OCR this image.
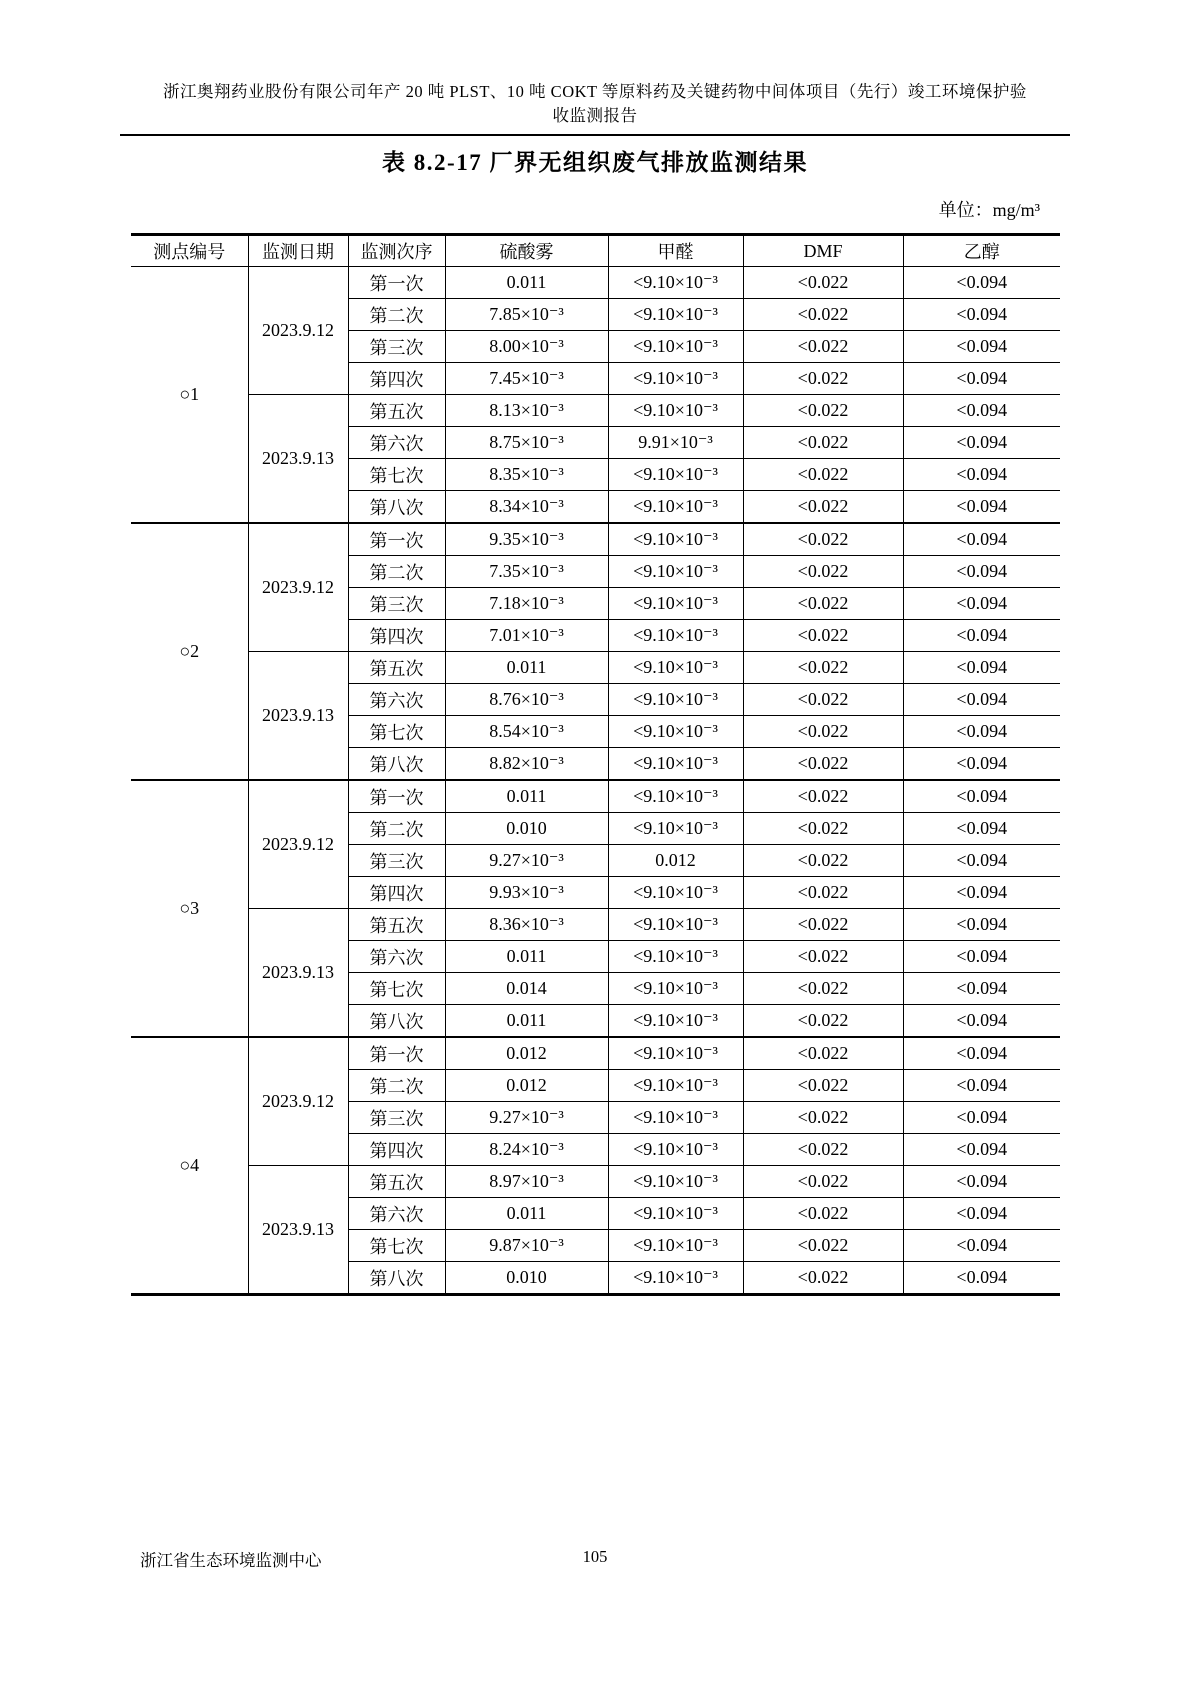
浙江奥翔药业股份有限公司年产 20 吨 PLST、10 吨 COKT 等原料药及关键药物中间体项目（先行）竣工环境保护验
收监测报告
表 8.2-17 厂界无组织废气排放监测结果
单位：mg/m³
测点编号	监测日期	监测次序	硫酸雾	甲醛	DMF	乙醇
○1	2023.9.12	第一次	0.011	<9.10×10⁻³	<0.022	<0.094
		第二次	7.85×10⁻³	<9.10×10⁻³	<0.022	<0.094
		第三次	8.00×10⁻³	<9.10×10⁻³	<0.022	<0.094
		第四次	7.45×10⁻³	<9.10×10⁻³	<0.022	<0.094
	2023.9.13	第五次	8.13×10⁻³	<9.10×10⁻³	<0.022	<0.094
		第六次	8.75×10⁻³	9.91×10⁻³	<0.022	<0.094
		第七次	8.35×10⁻³	<9.10×10⁻³	<0.022	<0.094
		第八次	8.34×10⁻³	<9.10×10⁻³	<0.022	<0.094
○2	2023.9.12	第一次	9.35×10⁻³	<9.10×10⁻³	<0.022	<0.094
		第二次	7.35×10⁻³	<9.10×10⁻³	<0.022	<0.094
		第三次	7.18×10⁻³	<9.10×10⁻³	<0.022	<0.094
		第四次	7.01×10⁻³	<9.10×10⁻³	<0.022	<0.094
	2023.9.13	第五次	0.011	<9.10×10⁻³	<0.022	<0.094
		第六次	8.76×10⁻³	<9.10×10⁻³	<0.022	<0.094
		第七次	8.54×10⁻³	<9.10×10⁻³	<0.022	<0.094
		第八次	8.82×10⁻³	<9.10×10⁻³	<0.022	<0.094
○3	2023.9.12	第一次	0.011	<9.10×10⁻³	<0.022	<0.094
		第二次	0.010	<9.10×10⁻³	<0.022	<0.094
		第三次	9.27×10⁻³	0.012	<0.022	<0.094
		第四次	9.93×10⁻³	<9.10×10⁻³	<0.022	<0.094
	2023.9.13	第五次	8.36×10⁻³	<9.10×10⁻³	<0.022	<0.094
		第六次	0.011	<9.10×10⁻³	<0.022	<0.094
		第七次	0.014	<9.10×10⁻³	<0.022	<0.094
		第八次	0.011	<9.10×10⁻³	<0.022	<0.094
○4	2023.9.12	第一次	0.012	<9.10×10⁻³	<0.022	<0.094
		第二次	0.012	<9.10×10⁻³	<0.022	<0.094
		第三次	9.27×10⁻³	<9.10×10⁻³	<0.022	<0.094
		第四次	8.24×10⁻³	<9.10×10⁻³	<0.022	<0.094
	2023.9.13	第五次	8.97×10⁻³	<9.10×10⁻³	<0.022	<0.094
		第六次	0.011	<9.10×10⁻³	<0.022	<0.094
		第七次	9.87×10⁻³	<9.10×10⁻³	<0.022	<0.094
		第八次	0.010	<9.10×10⁻³	<0.022	<0.094
浙江省生态环境监测中心	105
